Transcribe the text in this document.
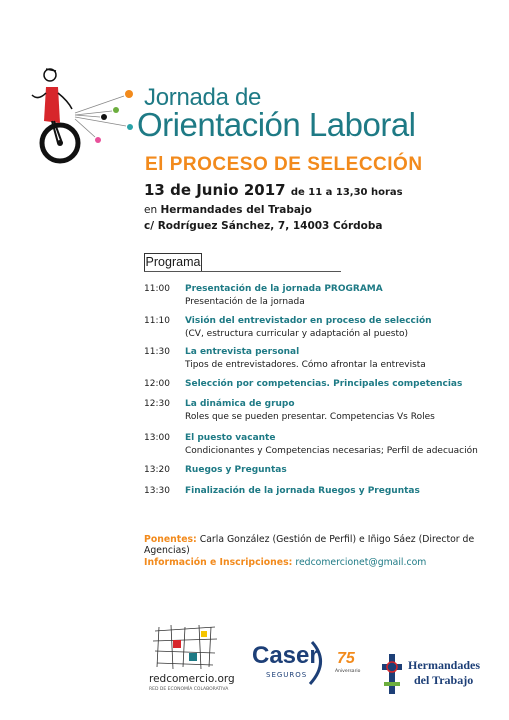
Jornada de
Orientación Laboral
El PROCESO DE SELECCIÓN
13 de Junio 2017 de 11 a 13,30 horas
en Hermandades del Trabajo
c/ Rodríguez Sánchez, 7, 14003 Córdoba
Programa
11:00	Presentación de la jornada PROGRAMA
Presentación de la jornada
11:10	Visión del entrevistador en proceso de selección
(CV, estructura curricular y adaptación al puesto)
11:30	La entrevista personal
Tipos de entrevistadores. Cómo afrontar la entrevista
12:00	Selección por competencias. Principales competencias
12:30	La dinámica de grupo
Roles que se pueden presentar. Competencias Vs Roles
13:00	El puesto vacante
Condicionantes y Competencias necesarias; Perfil de adecuación
13:20	Ruegos y Preguntas
13:30	Finalización de la jornada Ruegos y Preguntas
Ponentes: Carla González (Gestión de Perfil) e Iñigo Sáez (Director de Agencias)
Información e Inscripciones: redcomercionet@gmail.com
redcomercio.org
RED DE ECONOMÍA COLABORATIVA
Caser
SEGUROS
75
Aniversario	Hermandades
del Trabajo
